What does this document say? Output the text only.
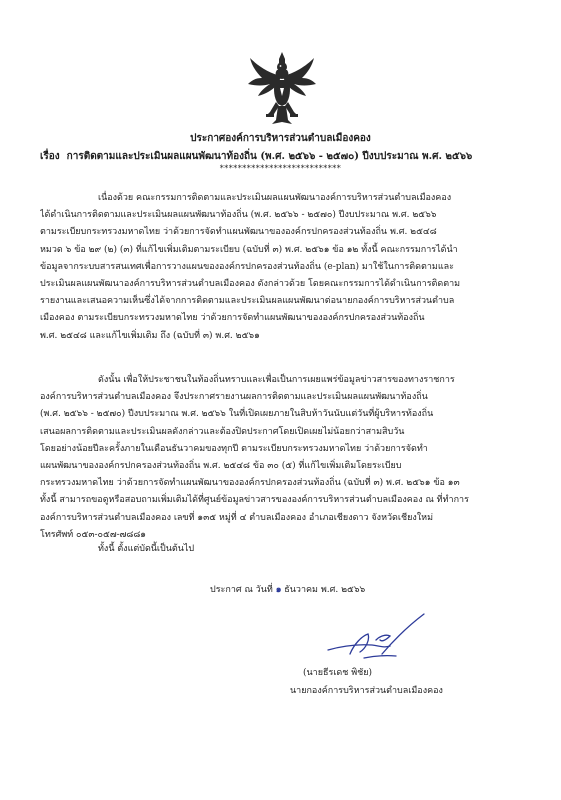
ประกาศองค์การบริหารส่วนตำบลเมืองคอง
เรื่อง การติดตามและประเมินผลแผนพัฒนาท้องถิ่น (พ.ศ. ๒๕๖๖ - ๒๕๗๐) ปีงบประมาณ พ.ศ. ๒๕๖๖
***************************
เนื่องด้วย คณะกรรมการติดตามและประเมินผลแผนพัฒนาองค์การบริหารส่วนตำบลเมืองคอง
ได้ดำเนินการติดตามและประเมินผลแผนพัฒนาท้องถิ่น (พ.ศ. ๒๕๖๖ - ๒๕๗๐) ปีงบประมาณ พ.ศ. ๒๕๖๖
ตามระเบียบกระทรวงมหาดไทย ว่าด้วยการจัดทำแผนพัฒนาขององค์กรปกครองส่วนท้องถิ่น พ.ศ. ๒๕๔๘
หมวด ๖ ข้อ ๒๙ (๒) (๓) ที่แก้ไขเพิ่มเติมตามระเบียบ (ฉบับที่ ๓) พ.ศ. ๒๕๖๑ ข้อ ๑๒ ทั้งนี้ คณะกรรมการได้นำ
ข้อมูลจากระบบสารสนเทศเพื่อการวางแผนขององค์กรปกครองส่วนท้องถิ่น (e-plan) มาใช้ในการติดตามและ
ประเมินผลแผนพัฒนาองค์การบริหารส่วนตำบลเมืองคอง ดังกล่าวด้วย โดยคณะกรรมการได้ดำเนินการติดตาม
รายงานและเสนอความเห็นซึ่งได้จากการติดตามและประเมินผลแผนพัฒนาต่อนายกองค์การบริหารส่วนตำบล
เมืองคอง ตามระเบียบกระทรวงมหาดไทย ว่าด้วยการจัดทำแผนพัฒนาขององค์กรปกครองส่วนท้องถิ่น
พ.ศ. ๒๕๔๘ และแก้ไขเพิ่มเติม ถึง (ฉบับที่ ๓) พ.ศ. ๒๕๖๑
ดังนั้น เพื่อให้ประชาชนในท้องถิ่นทราบและเพื่อเป็นการเผยแพร่ข้อมูลข่าวสารของทางราชการ
องค์การบริหารส่วนตำบลเมืองคอง จึงประกาศรายงานผลการติดตามและประเมินผลแผนพัฒนาท้องถิ่น
(พ.ศ. ๒๕๖๖ - ๒๕๗๐) ปีงบประมาณ พ.ศ. ๒๕๖๖ ในที่เปิดเผยภายในสิบห้าวันนับแต่วันที่ผู้บริหารท้องถิ่น
เสนอผลการติดตามและประเมินผลดังกล่าวและต้องปิดประกาศโดยเปิดเผยไม่น้อยกว่าสามสิบวัน
โดยอย่างน้อยปีละครั้งภายในเดือนธันวาคมของทุกปี ตามระเบียบกระทรวงมหาดไทย ว่าด้วยการจัดทำ
แผนพัฒนาขององค์กรปกครองส่วนท้องถิ่น พ.ศ. ๒๕๔๘ ข้อ ๓๐ (๕) ที่แก้ไขเพิ่มเติมโดยระเบียบ
กระทรวงมหาดไทย ว่าด้วยการจัดทำแผนพัฒนาขององค์กรปกครองส่วนท้องถิ่น (ฉบับที่ ๓) พ.ศ. ๒๕๖๑ ข้อ ๑๓
ทั้งนี้ สามารถขอดูหรือสอบถามเพิ่มเติมได้ที่ศูนย์ข้อมูลข่าวสารขององค์การบริหารส่วนตำบลเมืองคอง ณ ที่ทำการ
องค์การบริหารส่วนตำบลเมืองคอง เลขที่ ๑๓๕ หมู่ที่ ๔ ตำบลเมืองคอง อำเภอเชียงดาว จังหวัดเชียงใหม่
โทรศัพท์ ๐๕๓-๐๕๗-๗๘๘๑
ทั้งนี้ ตั้งแต่บัดนี้เป็นต้นไป
ประกาศ ณ วันที่ ๑ ธันวาคม พ.ศ. ๒๕๖๖
(นายธีรเดช พิชัย)
นายกองค์การบริหารส่วนตำบลเมืองคอง
